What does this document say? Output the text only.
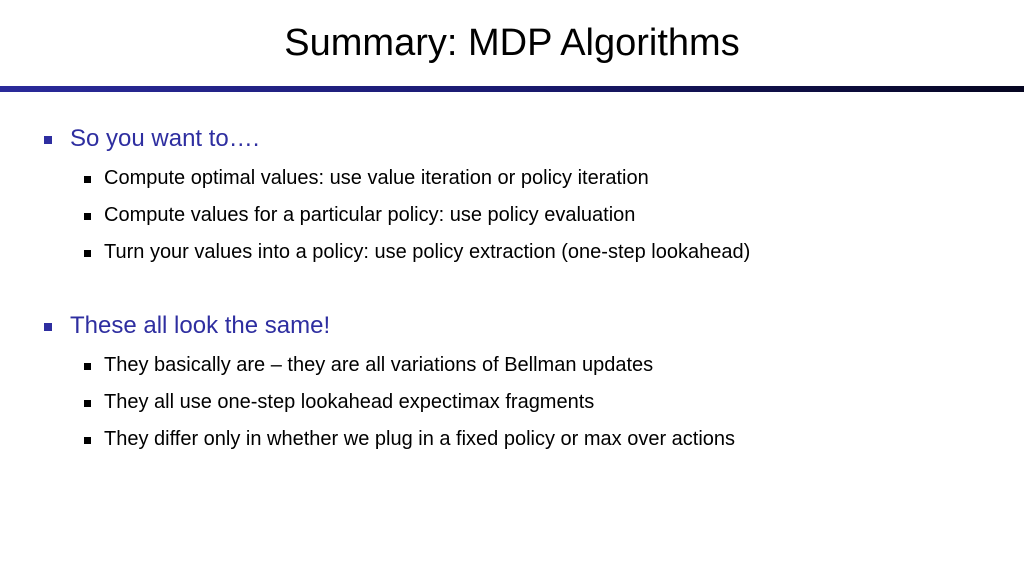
Summary: MDP Algorithms
So you want to….
Compute optimal values: use value iteration or policy iteration
Compute values for a particular policy: use policy evaluation
Turn your values into a policy: use policy extraction (one-step lookahead)
These all look the same!
They basically are – they are all variations of Bellman updates
They all use one-step lookahead expectimax fragments
They differ only in whether we plug in a fixed policy or max over actions
